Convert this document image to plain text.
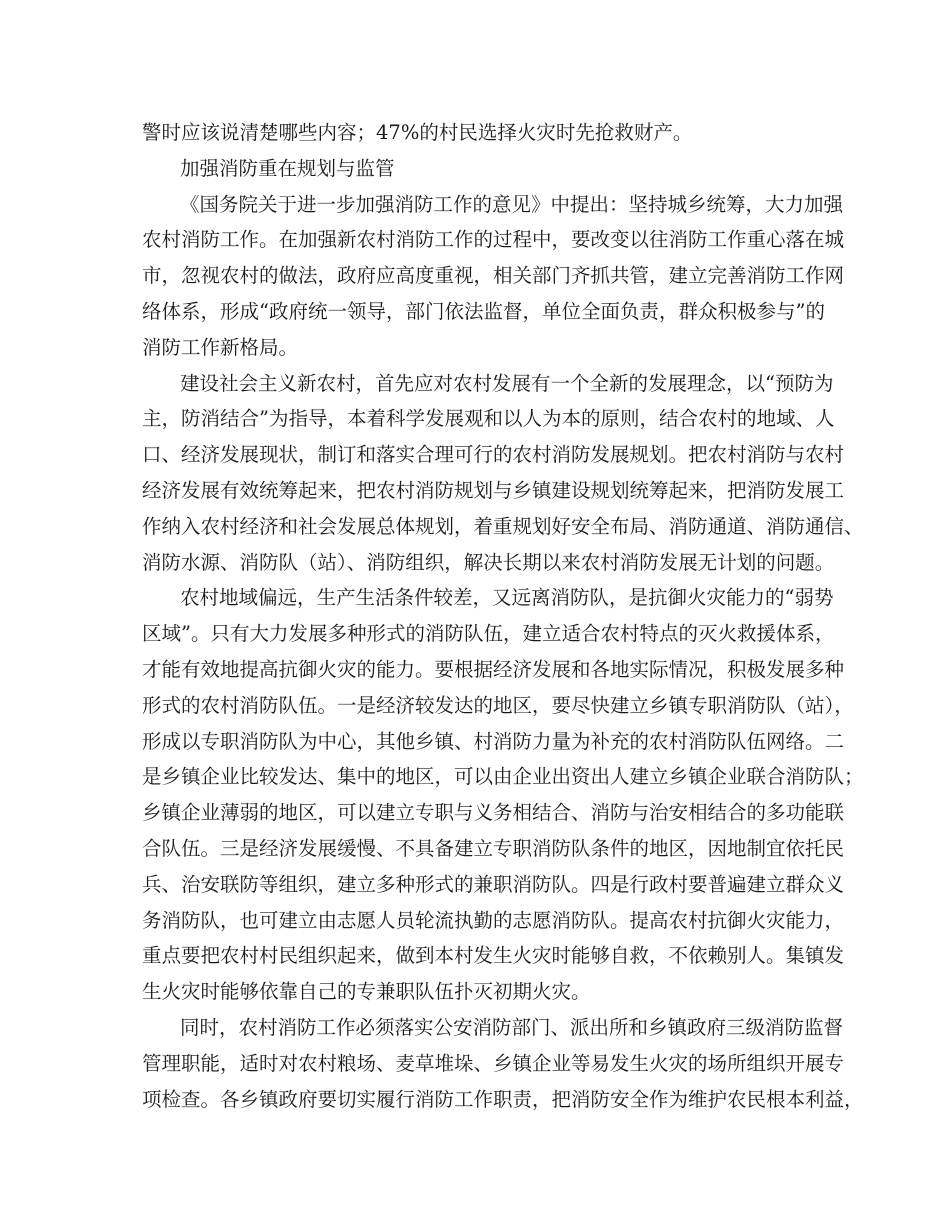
警时应该说清楚哪些内容；47%的村民选择火灾时先抢救财产。
加强消防重在规划与监管
《国务院关于进一步加强消防工作的意见》中提出：坚持城乡统筹，大力加强
农村消防工作。在加强新农村消防工作的过程中，要改变以往消防工作重心落在城
市，忽视农村的做法，政府应高度重视，相关部门齐抓共管，建立完善消防工作网
络体系，形成“政府统一领导，部门依法监督，单位全面负责，群众积极参与”的
消防工作新格局。
建设社会主义新农村，首先应对农村发展有一个全新的发展理念，以“预防为
主，防消结合”为指导，本着科学发展观和以人为本的原则，结合农村的地域、人
口、经济发展现状，制订和落实合理可行的农村消防发展规划。把农村消防与农村
经济发展有效统筹起来，把农村消防规划与乡镇建设规划统筹起来，把消防发展工
作纳入农村经济和社会发展总体规划，着重规划好安全布局、消防通道、消防通信、
消防水源、消防队（站）、消防组织，解决长期以来农村消防发展无计划的问题。
农村地域偏远，生产生活条件较差，又远离消防队，是抗御火灾能力的“弱势
区域”。只有大力发展多种形式的消防队伍，建立适合农村特点的灭火救援体系，
才能有效地提高抗御火灾的能力。要根据经济发展和各地实际情况，积极发展多种
形式的农村消防队伍。一是经济较发达的地区，要尽快建立乡镇专职消防队（站），
形成以专职消防队为中心，其他乡镇、村消防力量为补充的农村消防队伍网络。二
是乡镇企业比较发达、集中的地区，可以由企业出资出人建立乡镇企业联合消防队；
乡镇企业薄弱的地区，可以建立专职与义务相结合、消防与治安相结合的多功能联
合队伍。三是经济发展缓慢、不具备建立专职消防队条件的地区，因地制宜依托民
兵、治安联防等组织，建立多种形式的兼职消防队。四是行政村要普遍建立群众义
务消防队，也可建立由志愿人员轮流执勤的志愿消防队。提高农村抗御火灾能力，
重点要把农村村民组织起来，做到本村发生火灾时能够自救，不依赖别人。集镇发
生火灾时能够依靠自己的专兼职队伍扑灭初期火灾。
同时，农村消防工作必须落实公安消防部门、派出所和乡镇政府三级消防监督
管理职能，适时对农村粮场、麦草堆垛、乡镇企业等易发生火灾的场所组织开展专
项检查。各乡镇政府要切实履行消防工作职责，把消防安全作为维护农民根本利益，
